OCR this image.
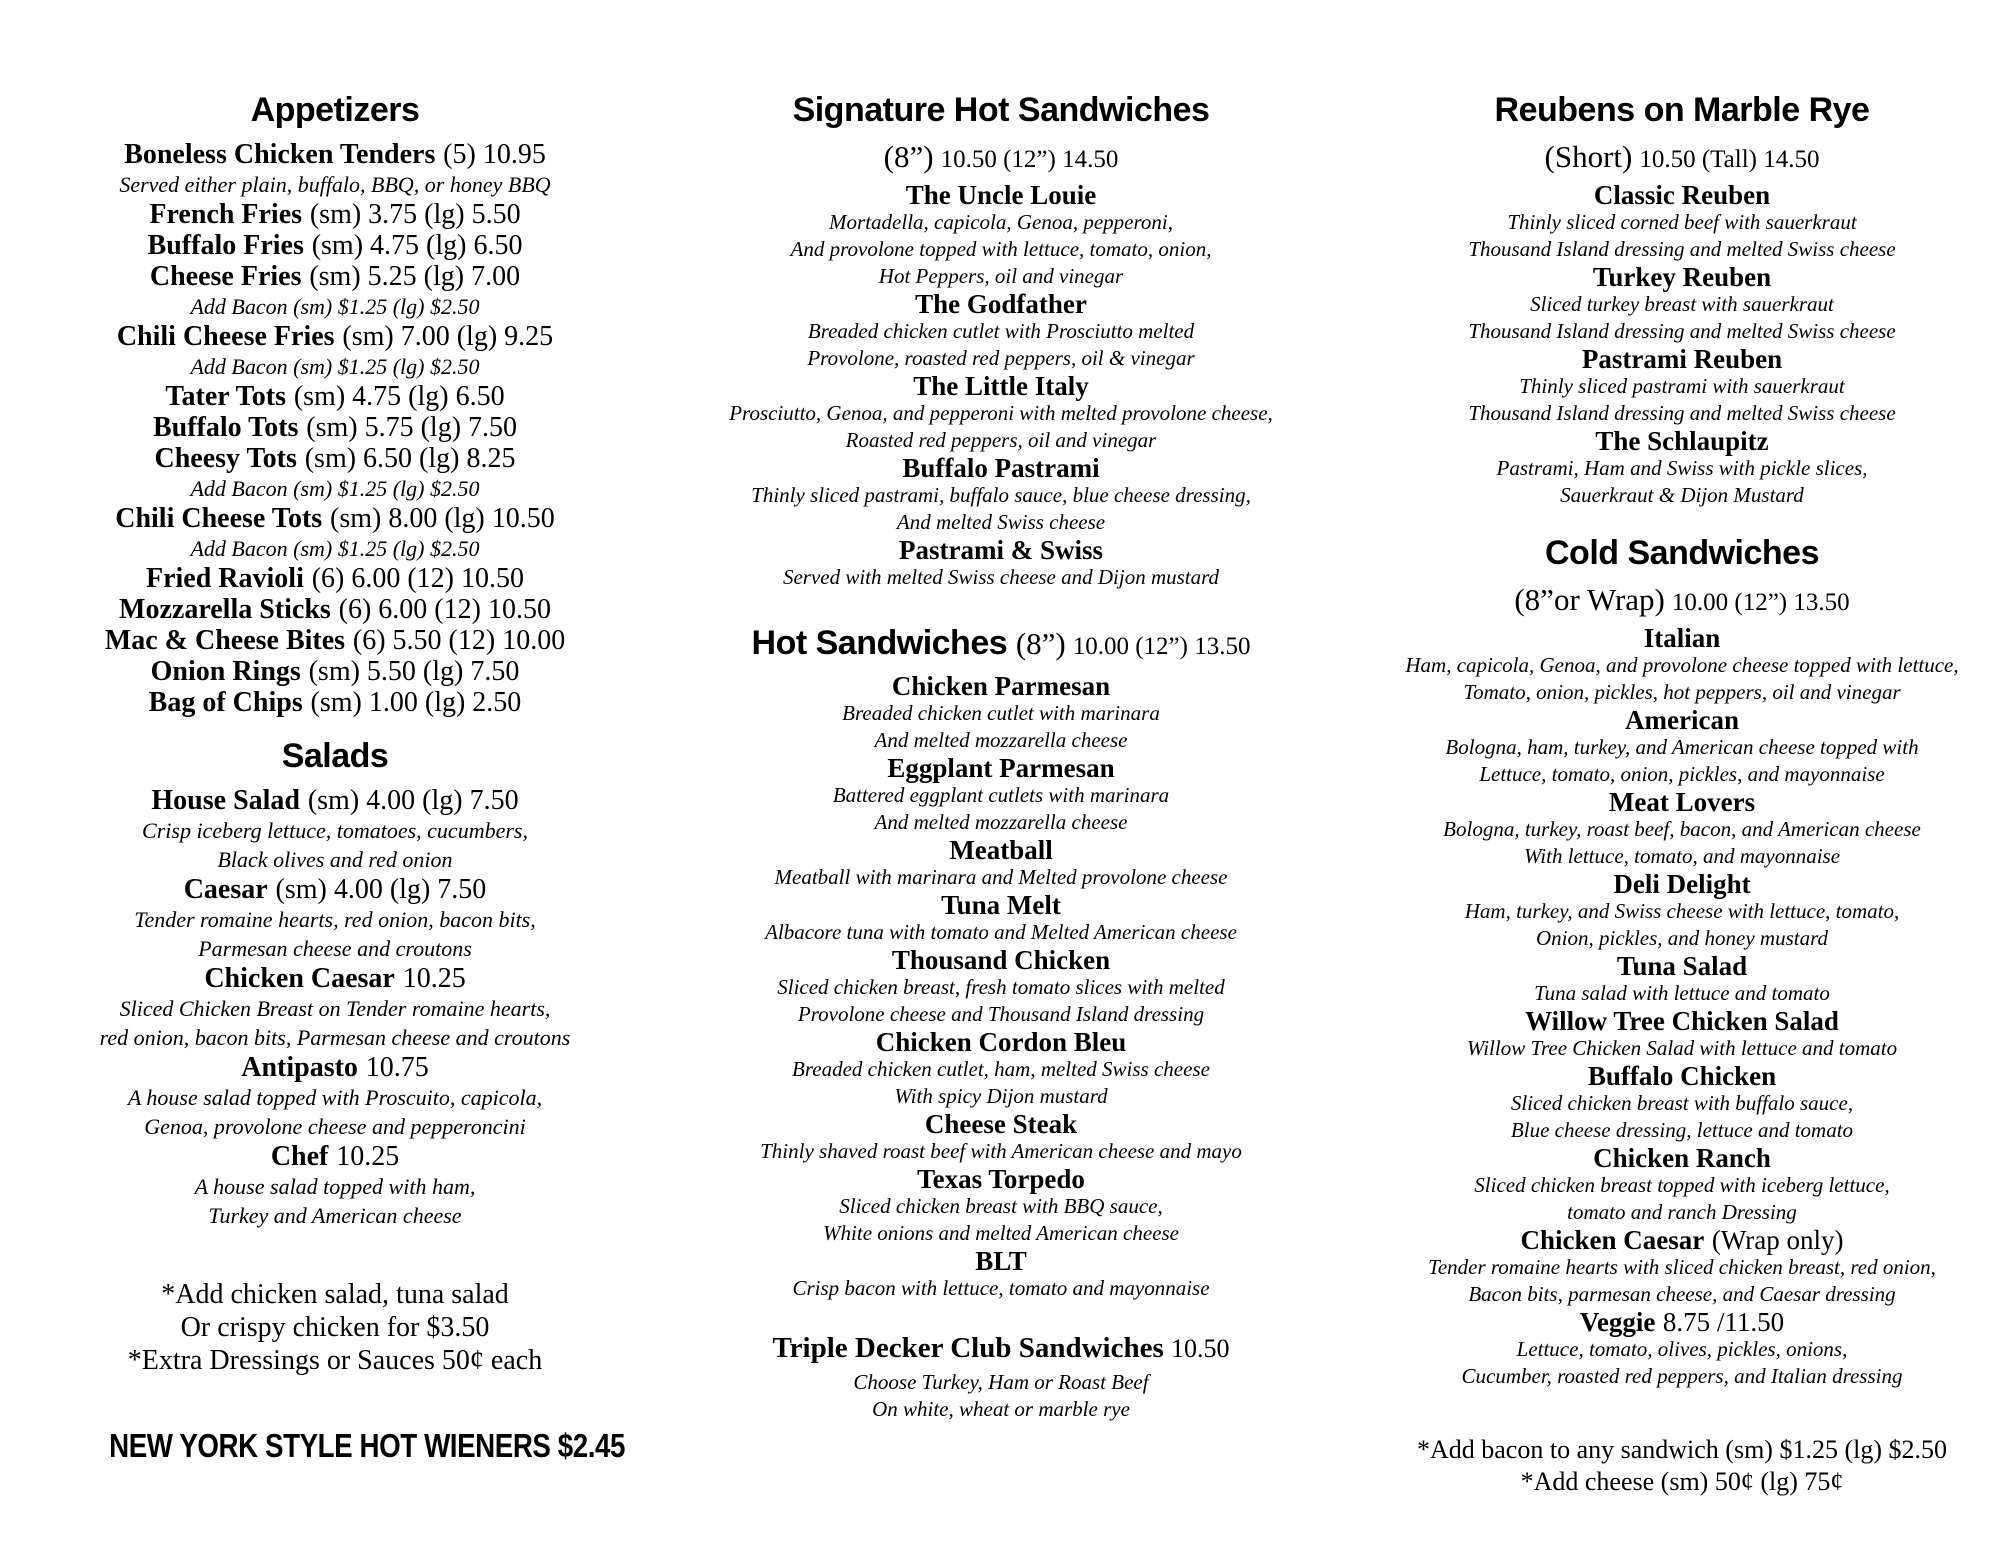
Appetizers
Boneless Chicken Tenders (5) 10.95
Served either plain, buffalo, BBQ, or honey BBQ
French Fries (sm) 3.75 (lg) 5.50
Buffalo Fries (sm) 4.75 (lg) 6.50
Cheese Fries (sm) 5.25 (lg) 7.00
Add Bacon (sm) $1.25 (lg) $2.50
Chili Cheese Fries (sm) 7.00 (lg) 9.25
Add Bacon (sm) $1.25 (lg) $2.50
Tater Tots (sm) 4.75 (lg) 6.50
Buffalo Tots (sm) 5.75 (lg) 7.50
Cheesy Tots (sm) 6.50 (lg) 8.25
Add Bacon (sm) $1.25 (lg) $2.50
Chili Cheese Tots (sm) 8.00 (lg) 10.50
Add Bacon (sm) $1.25 (lg) $2.50
Fried Ravioli (6) 6.00 (12) 10.50
Mozzarella Sticks (6) 6.00 (12) 10.50
Mac & Cheese Bites (6) 5.50 (12) 10.00
Onion Rings (sm) 5.50 (lg) 7.50
Bag of Chips (sm) 1.00 (lg) 2.50
Salads
House Salad (sm) 4.00 (lg) 7.50
Crisp iceberg lettuce, tomatoes, cucumbers,
Black olives and red onion
Caesar (sm) 4.00 (lg) 7.50
Tender romaine hearts, red onion, bacon bits,
Parmesan cheese and croutons
Chicken Caesar 10.25
Sliced Chicken Breast on Tender romaine hearts,
red onion, bacon bits, Parmesan cheese and croutons
Antipasto 10.75
A house salad topped with Proscuito, capicola,
Genoa, provolone cheese and pepperoncini
Chef 10.25
A house salad topped with ham,
Turkey and American cheese
*Add chicken salad, tuna salad
Or crispy chicken for $3.50
*Extra Dressings or Sauces 50¢ each
NEW YORK STYLE HOT WIENERS $2.45
Signature Hot Sandwiches
(8”) 10.50 (12”) 14.50
The Uncle Louie
Mortadella, capicola, Genoa, pepperoni,
And provolone topped with lettuce, tomato, onion,
Hot Peppers, oil and vinegar
The Godfather
Breaded chicken cutlet with Prosciutto melted
Provolone, roasted red peppers, oil & vinegar
The Little Italy
Prosciutto, Genoa, and pepperoni with melted provolone cheese,
Roasted red peppers, oil and vinegar
Buffalo Pastrami
Thinly sliced pastrami, buffalo sauce, blue cheese dressing,
And melted Swiss cheese
Pastrami & Swiss
Served with melted Swiss cheese and Dijon mustard
Hot Sandwiches (8”) 10.00 (12”) 13.50
Chicken Parmesan
Breaded chicken cutlet with marinara
And melted mozzarella cheese
Eggplant Parmesan
Battered eggplant cutlets with marinara
And melted mozzarella cheese
Meatball
Meatball with marinara and Melted provolone cheese
Tuna Melt
Albacore tuna with tomato and Melted American cheese
Thousand Chicken
Sliced chicken breast, fresh tomato slices with melted
Provolone cheese and Thousand Island dressing
Chicken Cordon Bleu
Breaded chicken cutlet, ham, melted Swiss cheese
With spicy Dijon mustard
Cheese Steak
Thinly shaved roast beef with American cheese and mayo
Texas Torpedo
Sliced chicken breast with BBQ sauce,
White onions and melted American cheese
BLT
Crisp bacon with lettuce, tomato and mayonnaise
Triple Decker Club Sandwiches 10.50
Choose Turkey, Ham or Roast Beef
On white, wheat or marble rye
Reubens on Marble Rye
(Short) 10.50 (Tall) 14.50
Classic Reuben
Thinly sliced corned beef with sauerkraut
Thousand Island dressing and melted Swiss cheese
Turkey Reuben
Sliced turkey breast with sauerkraut
Thousand Island dressing and melted Swiss cheese
Pastrami Reuben
Thinly sliced pastrami with sauerkraut
Thousand Island dressing and melted Swiss cheese
The Schlaupitz
Pastrami, Ham and Swiss with pickle slices,
Sauerkraut & Dijon Mustard
Cold Sandwiches
(8”or Wrap) 10.00 (12”) 13.50
Italian
Ham, capicola, Genoa, and provolone cheese topped with lettuce,
Tomato, onion, pickles, hot peppers, oil and vinegar
American
Bologna, ham, turkey, and American cheese topped with
Lettuce, tomato, onion, pickles, and mayonnaise
Meat Lovers
Bologna, turkey, roast beef, bacon, and American cheese
With lettuce, tomato, and mayonnaise
Deli Delight
Ham, turkey, and Swiss cheese with lettuce, tomato,
Onion, pickles, and honey mustard
Tuna Salad
Tuna salad with lettuce and tomato
Willow Tree Chicken Salad
Willow Tree Chicken Salad with lettuce and tomato
Buffalo Chicken
Sliced chicken breast with buffalo sauce,
Blue cheese dressing, lettuce and tomato
Chicken Ranch
Sliced chicken breast topped with iceberg lettuce,
tomato and ranch Dressing
Chicken Caesar (Wrap only)
Tender romaine hearts with sliced chicken breast, red onion,
Bacon bits, parmesan cheese, and Caesar dressing
Veggie 8.75 /11.50
Lettuce, tomato, olives, pickles, onions,
Cucumber, roasted red peppers, and Italian dressing
*Add bacon to any sandwich (sm) $1.25 (lg) $2.50
*Add cheese (sm) 50¢ (lg) 75¢
